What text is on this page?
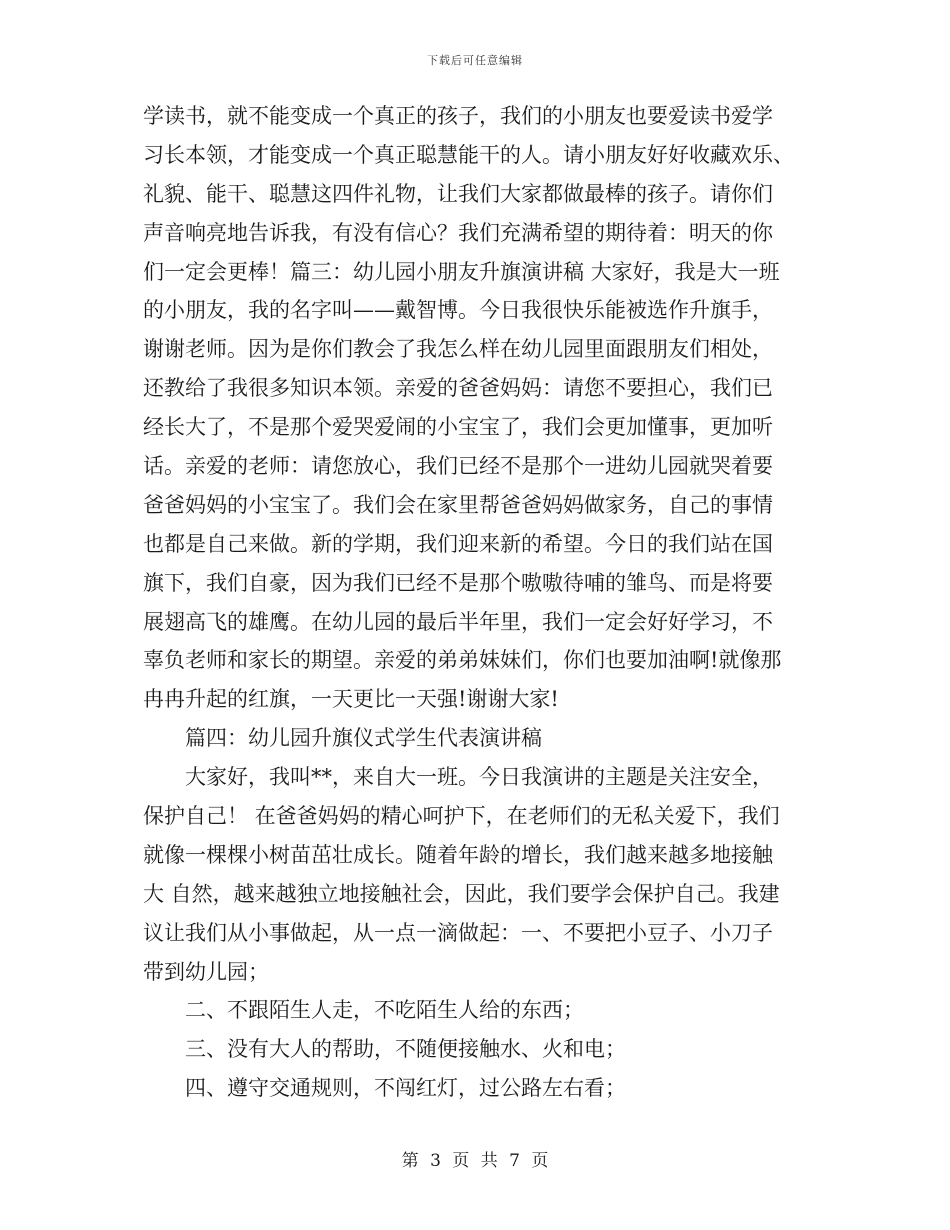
下载后可任意编辑
学读书，就不能变成一个真正的孩子，我们的小朋友也要爱读书爱学
习长本领，才能变成一个真正聪慧能干的人。请小朋友好好收藏欢乐、
礼貌、能干、聪慧这四件礼物，让我们大家都做最棒的孩子。请你们
声音响亮地告诉我，有没有信心？我们充满希望的期待着：明天的你
们一定会更棒！篇三：幼儿园小朋友升旗演讲稿 大家好，我是大一班
的小朋友，我的名字叫——戴智博。今日我很快乐能被选作升旗手，
谢谢老师。因为是你们教会了我怎么样在幼儿园里面跟朋友们相处，
还教给了我很多知识本领。亲爱的爸爸妈妈：请您不要担心，我们已
经长大了，不是那个爱哭爱闹的小宝宝了，我们会更加懂事，更加听
话。亲爱的老师：请您放心，我们已经不是那个一进幼儿园就哭着要
爸爸妈妈的小宝宝了。我们会在家里帮爸爸妈妈做家务，自己的事情
也都是自己来做。新的学期，我们迎来新的希望。今日的我们站在国
旗下，我们自豪，因为我们已经不是那个嗷嗷待哺的雏鸟、而是将要
展翅高飞的雄鹰。在幼儿园的最后半年里，我们一定会好好学习，不
辜负老师和家长的期望。亲爱的弟弟妹妹们，你们也要加油啊!就像那
冉冉升起的红旗，一天更比一天强!谢谢大家!
篇四：幼儿园升旗仪式学生代表演讲稿
大家好，我叫**，来自大一班。今日我演讲的主题是关注安全，
保护自己！ 在爸爸妈妈的精心呵护下，在老师们的无私关爱下，我们
就像一棵棵小树苗茁壮成长。随着年龄的增长，我们越来越多地接触
大 自然，越来越独立地接触社会，因此，我们要学会保护自己。我建
议让我们从小事做起，从一点一滴做起：一、不要把小豆子、小刀子
带到幼儿园；
二、不跟陌生人走，不吃陌生人给的东西；
三、没有大人的帮助，不随便接触水、火和电；
四、遵守交通规则，不闯红灯，过公路左右看；
第 3 页 共 7 页
